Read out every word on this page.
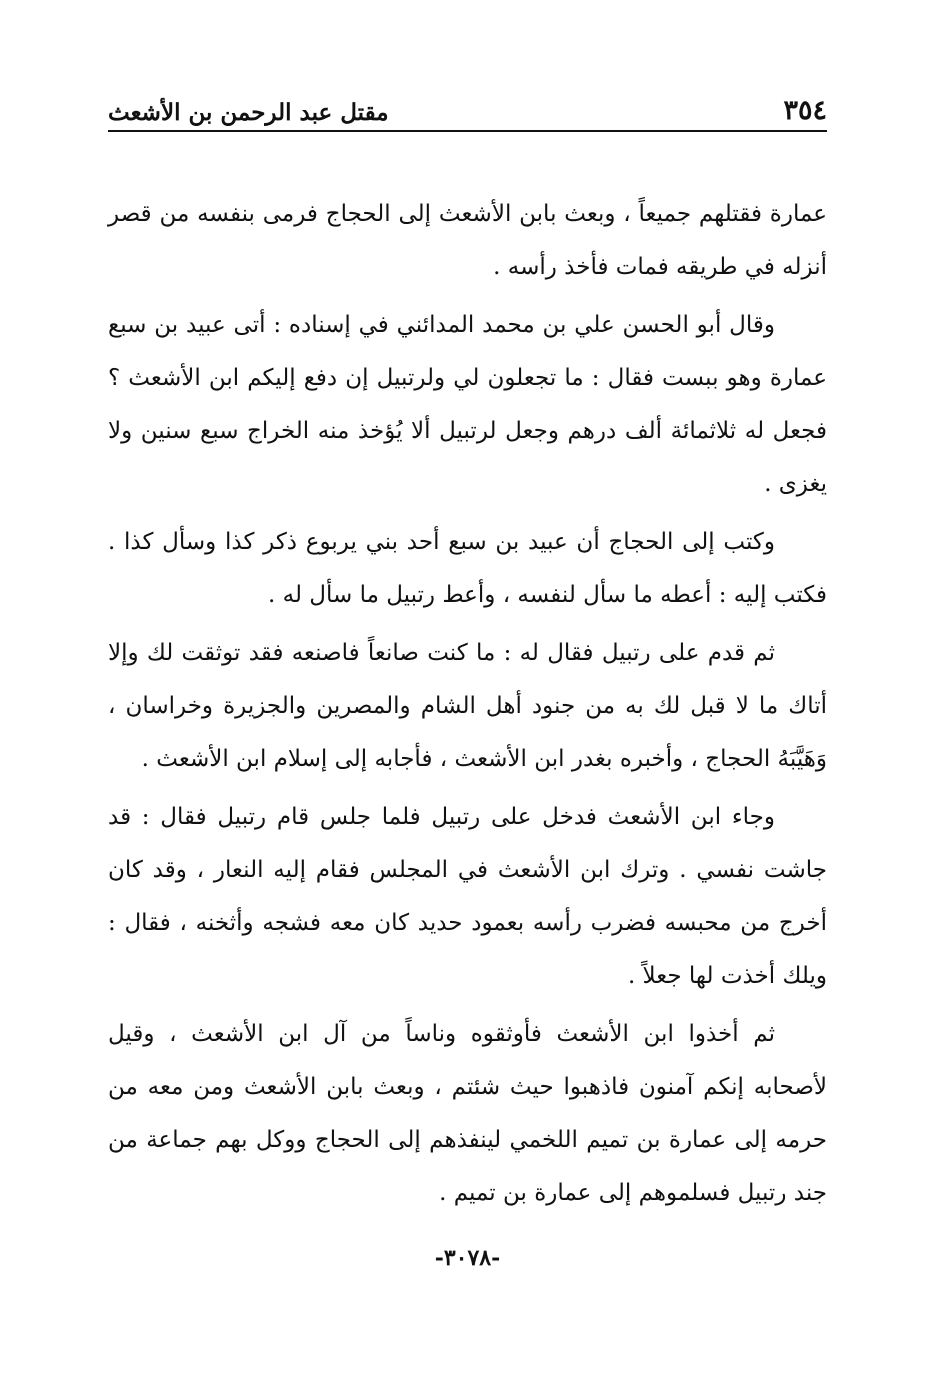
٣٥٤
مقتل عبد الرحمن بن الأشعث

عمارة فقتلهم جميعاً ، وبعث بابن الأشعث إلى الحجاج فرمى بنفسه من قصر أنزله في طريقه فمات فأخذ رأسه .

وقال أبو الحسن علي بن محمد المدائني في إسناده : أتى عبيد بن سبع عمارة وهو ببست فقال : ما تجعلون لي ولرتبيل إن دفع إليكم ابن الأشعث ؟ فجعل له ثلاثمائة ألف درهم وجعل لرتبيل ألا يُؤخذ منه الخراج سبع سنين ولا يغزى .

وكتب إلى الحجاج أن عبيد بن سبع أحد بني يربوع ذكر كذا وسأل كذا . فكتب إليه : أعطه ما سأل لنفسه ، وأعط رتبيل ما سأل له .

ثم قدم على رتبيل فقال له : ما كنت صانعاً فاصنعه فقد توثقت لك وإلا أتاك ما لا قبل لك به من جنود أهل الشام والمصرين والجزيرة وخراسان ، وَهَيَّبَهُ الحجاج ، وأخبره بغدر ابن الأشعث ، فأجابه إلى إسلام ابن الأشعث .

وجاء ابن الأشعث فدخل على رتبيل فلما جلس قام رتبيل فقال : قد جاشت نفسي . وترك ابن الأشعث في المجلس فقام إليه النعار ، وقد كان أخرج من محبسه فضرب رأسه بعمود حديد كان معه فشجه وأثخنه ، فقال : ويلك أخذت لها جعلاً .

ثم أخذوا ابن الأشعث فأوثقوه وناساً من آل ابن الأشعث ، وقيل لأصحابه إنكم آمنون فاذهبوا حيث شئتم ، وبعث بابن الأشعث ومن معه من حرمه إلى عمارة بن تميم اللخمي لينفذهم إلى الحجاج ووكل بهم جماعة من جند رتبيل فسلموهم إلى عمارة بن تميم .

-٣٠٧٨-
